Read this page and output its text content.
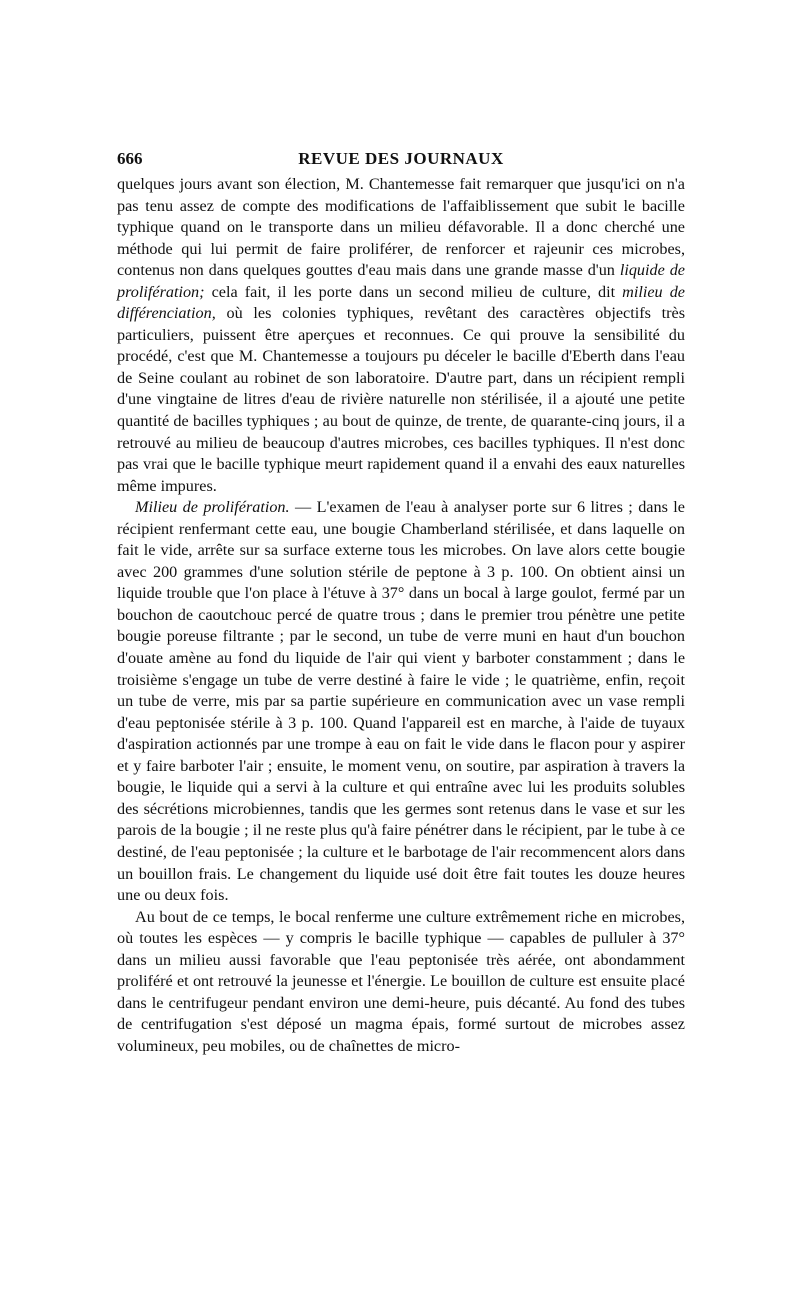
666	REVUE DES JOURNAUX

quelques jours avant son élection, M. Chantemesse fait remarquer que jusqu'ici on n'a pas tenu assez de compte des modifications de l'affaiblissement que subit le bacille typhique quand on le transporte dans un milieu défavorable. Il a donc cherché une méthode qui lui permit de faire proliférer, de renforcer et rajeunir ces microbes, contenus non dans quelques gouttes d'eau mais dans une grande masse d'un liquide de prolifération; cela fait, il les porte dans un second milieu de culture, dit milieu de différenciation, où les colonies typhiques, revêtant des caractères objectifs très particuliers, puissent être aperçues et reconnues. Ce qui prouve la sensibilité du procédé, c'est que M. Chantemesse a toujours pu déceler le bacille d'Eberth dans l'eau de Seine coulant au robinet de son laboratoire. D'autre part, dans un récipient rempli d'une vingtaine de litres d'eau de rivière naturelle non stérilisée, il a ajouté une petite quantité de bacilles typhiques ; au bout de quinze, de trente, de quarante-cinq jours, il a retrouvé au milieu de beaucoup d'autres microbes, ces bacilles typhiques. Il n'est donc pas vrai que le bacille typhique meurt rapidement quand il a envahi des eaux naturelles même impures.

Milieu de prolifération. — L'examen de l'eau à analyser porte sur 6 litres ; dans le récipient renfermant cette eau, une bougie Chamberland stérilisée, et dans laquelle on fait le vide, arrête sur sa surface externe tous les microbes. On lave alors cette bougie avec 200 grammes d'une solution stérile de peptone à 3 p. 100. On obtient ainsi un liquide trouble que l'on place à l'étuve à 37° dans un bocal à large goulot, fermé par un bouchon de caoutchouc percé de quatre trous ; dans le premier trou pénètre une petite bougie poreuse filtrante ; par le second, un tube de verre muni en haut d'un bouchon d'ouate amène au fond du liquide de l'air qui vient y barboter constamment ; dans le troisième s'engage un tube de verre destiné à faire le vide ; le quatrième, enfin, reçoit un tube de verre, mis par sa partie supérieure en communication avec un vase rempli d'eau peptonisée stérile à 3 p. 100. Quand l'appareil est en marche, à l'aide de tuyaux d'aspiration actionnés par une trompe à eau on fait le vide dans le flacon pour y aspirer et y faire barboter l'air ; ensuite, le moment venu, on soutire, par aspiration à travers la bougie, le liquide qui a servi à la culture et qui entraîne avec lui les produits solubles des sécrétions microbiennes, tandis que les germes sont retenus dans le vase et sur les parois de la bougie ; il ne reste plus qu'à faire pénétrer dans le récipient, par le tube à ce destiné, de l'eau peptonisée ; la culture et le barbotage de l'air recommencent alors dans un bouillon frais. Le changement du liquide usé doit être fait toutes les douze heures une ou deux fois.

Au bout de ce temps, le bocal renferme une culture extrêmement riche en microbes, où toutes les espèces — y compris le bacille typhique — capables de pulluler à 37° dans un milieu aussi favorable que l'eau peptonisée très aérée, ont abondamment proliféré et ont retrouvé la jeunesse et l'énergie. Le bouillon de culture est ensuite placé dans le centrifugeur pendant environ une demi-heure, puis décanté. Au fond des tubes de centrifugation s'est déposé un magma épais, formé surtout de microbes assez volumineux, peu mobiles, ou de chaînettes de micro-
